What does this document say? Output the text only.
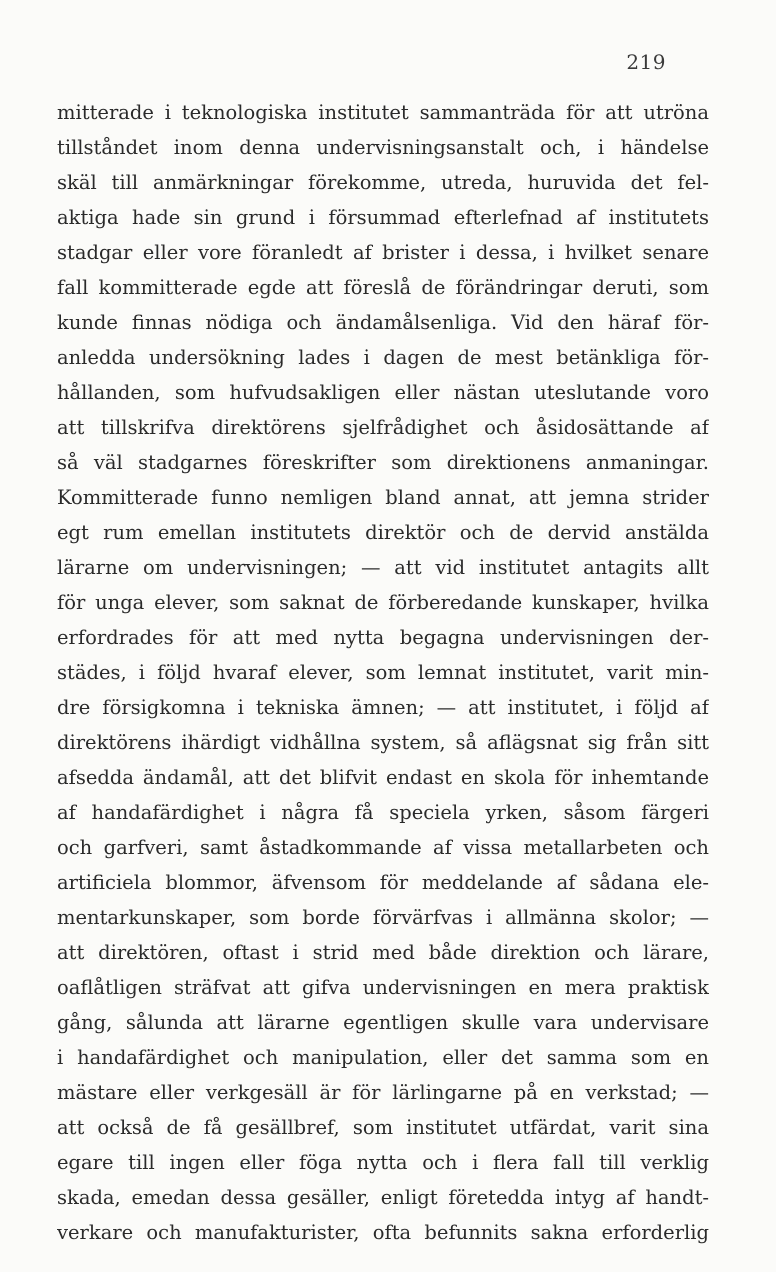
219
mitterade i teknologiska institutet sammanträda för att utröna
tillståndet inom denna undervisningsanstalt och, i händelse
skäl till anmärkningar förekomme, utreda, huruvida det fel-
aktiga hade sin grund i försummad efterlefnad af institutets
stadgar eller vore föranledt af brister i dessa, i hvilket senare
fall kommitterade egde att föreslå de förändringar deruti, som
kunde finnas nödiga och ändamålsenliga. Vid den häraf för-
anledda undersökning lades i dagen de mest betänkliga för-
hållanden, som hufvudsakligen eller nästan uteslutande voro
att tillskrifva direktörens sjelfrådighet och åsidosättande af
så väl stadgarnes föreskrifter som direktionens anmaningar.
Kommitterade funno nemligen bland annat, att jemna strider
egt rum emellan institutets direktör och de dervid anstälda
lärarne om undervisningen; — att vid institutet antagits allt
för unga elever, som saknat de förberedande kunskaper, hvilka
erfordrades för att med nytta begagna undervisningen der-
städes, i följd hvaraf elever, som lemnat institutet, varit min-
dre försigkomna i tekniska ämnen; — att institutet, i följd af
direktörens ihärdigt vidhållna system, så aflägsnat sig från sitt
afsedda ändamål, att det blifvit endast en skola för inhemtande
af handafärdighet i några få speciela yrken, såsom färgeri
och garfveri, samt åstadkommande af vissa metallarbeten och
artificiela blommor, äfvensom för meddelande af sådana ele-
mentarkunskaper, som borde förvärfvas i allmänna skolor; —
att direktören, oftast i strid med både direktion och lärare,
oaflåtligen sträfvat att gifva undervisningen en mera praktisk
gång, sålunda att lärarne egentligen skulle vara undervisare
i handafärdighet och manipulation, eller det samma som en
mästare eller verkgesäll är för lärlingarne på en verkstad; —
att också de få gesällbref, som institutet utfärdat, varit sina
egare till ingen eller föga nytta och i flera fall till verklig
skada, emedan dessa gesäller, enligt företedda intyg af handt-
verkare och manufakturister, ofta befunnits sakna erforderlig
